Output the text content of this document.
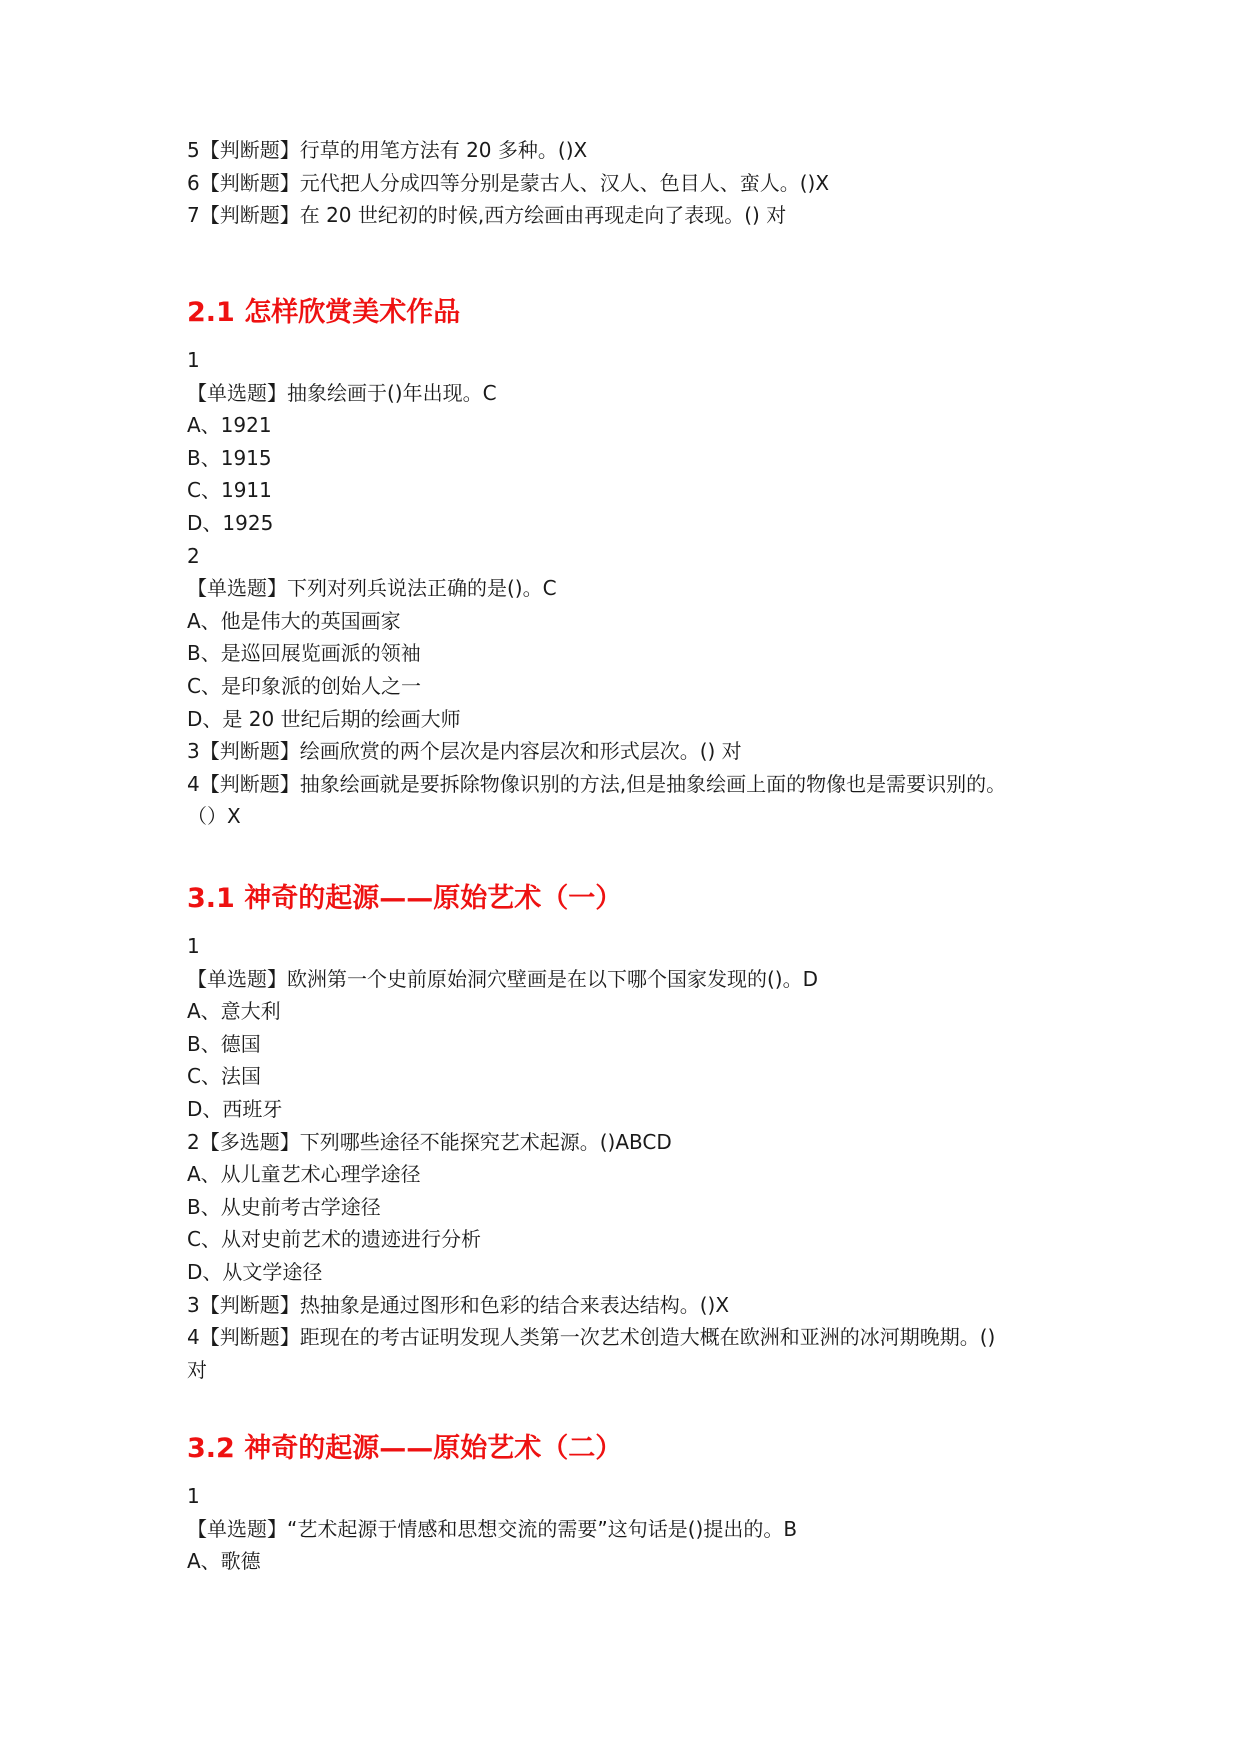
5【判断题】行草的用笔方法有 20 多种。()X
6【判断题】元代把人分成四等分别是蒙古人、汉人、色目人、蛮人。()X
7【判断题】在 20 世纪初的时候,西方绘画由再现走向了表现。() 对
2.1 怎样欣赏美术作品
1
【单选题】抽象绘画于()年出现。C
A、1921
B、1915
C、1911
D、1925
2
【单选题】下列对列兵说法正确的是()。C
A、他是伟大的英国画家
B、是巡回展览画派的领袖
C、是印象派的创始人之一
D、是 20 世纪后期的绘画大师
3【判断题】绘画欣赏的两个层次是内容层次和形式层次。() 对
4【判断题】抽象绘画就是要拆除物像识别的方法,但是抽象绘画上面的物像也是需要识别的。
（）X
3.1 神奇的起源——原始艺术（一）
1
【单选题】欧洲第一个史前原始洞穴壁画是在以下哪个国家发现的()。D
A、意大利
B、德国
C、法国
D、西班牙
2【多选题】下列哪些途径不能探究艺术起源。()ABCD
A、从儿童艺术心理学途径
B、从史前考古学途径
C、从对史前艺术的遗迹进行分析
D、从文学途径
3【判断题】热抽象是通过图形和色彩的结合来表达结构。()X
4【判断题】距现在的考古证明发现人类第一次艺术创造大概在欧洲和亚洲的冰河期晚期。()
对
3.2 神奇的起源——原始艺术（二）
1
【单选题】“艺术起源于情感和思想交流的需要”这句话是()提出的。B
A、歌德
